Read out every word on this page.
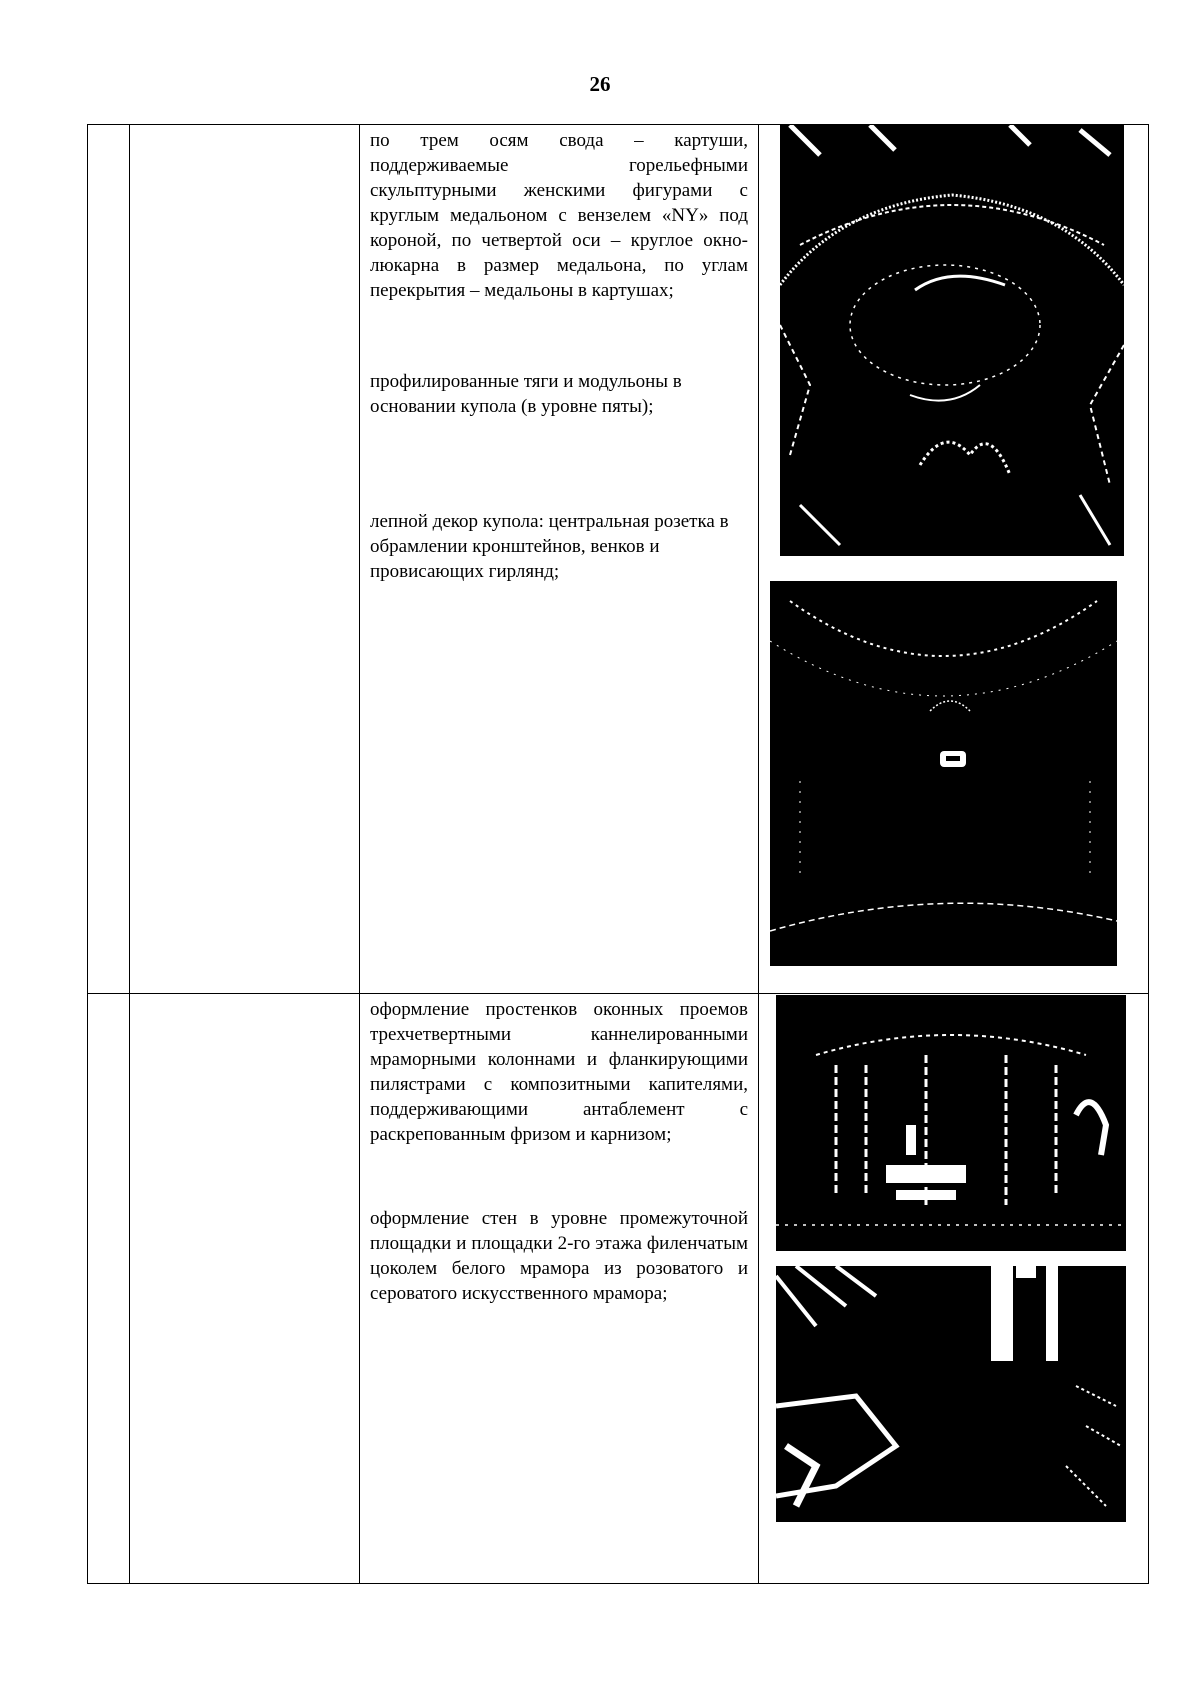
26

		по трем осям свода – картуши, поддерживаемые горельефными скульптурными женскими фигурами с круглым медальоном с вензелем «NY» под короной, по четвертой оси – круглое окно-люкарна в размер медальона, по углам перекрытия – медальоны в картушах;

профилированные тяги и модульоны в основании купола (в уровне пяты);

лепной декор купола: центральная розетка в обрамлении кронштейнов, венков и провисающих гирлянд;

		оформление простенков оконных проемов трехчетвертными каннелированными мраморными колоннами и фланкирующими пилястрами с композитными капителями, поддерживающими антаблемент с раскрепованным фризом и карнизом;

оформление стен в уровне промежуточной площадки и площадки 2-го этажа филенчатым цоколем белого мрамора из розоватого и сероватого искусственного мрамора;
